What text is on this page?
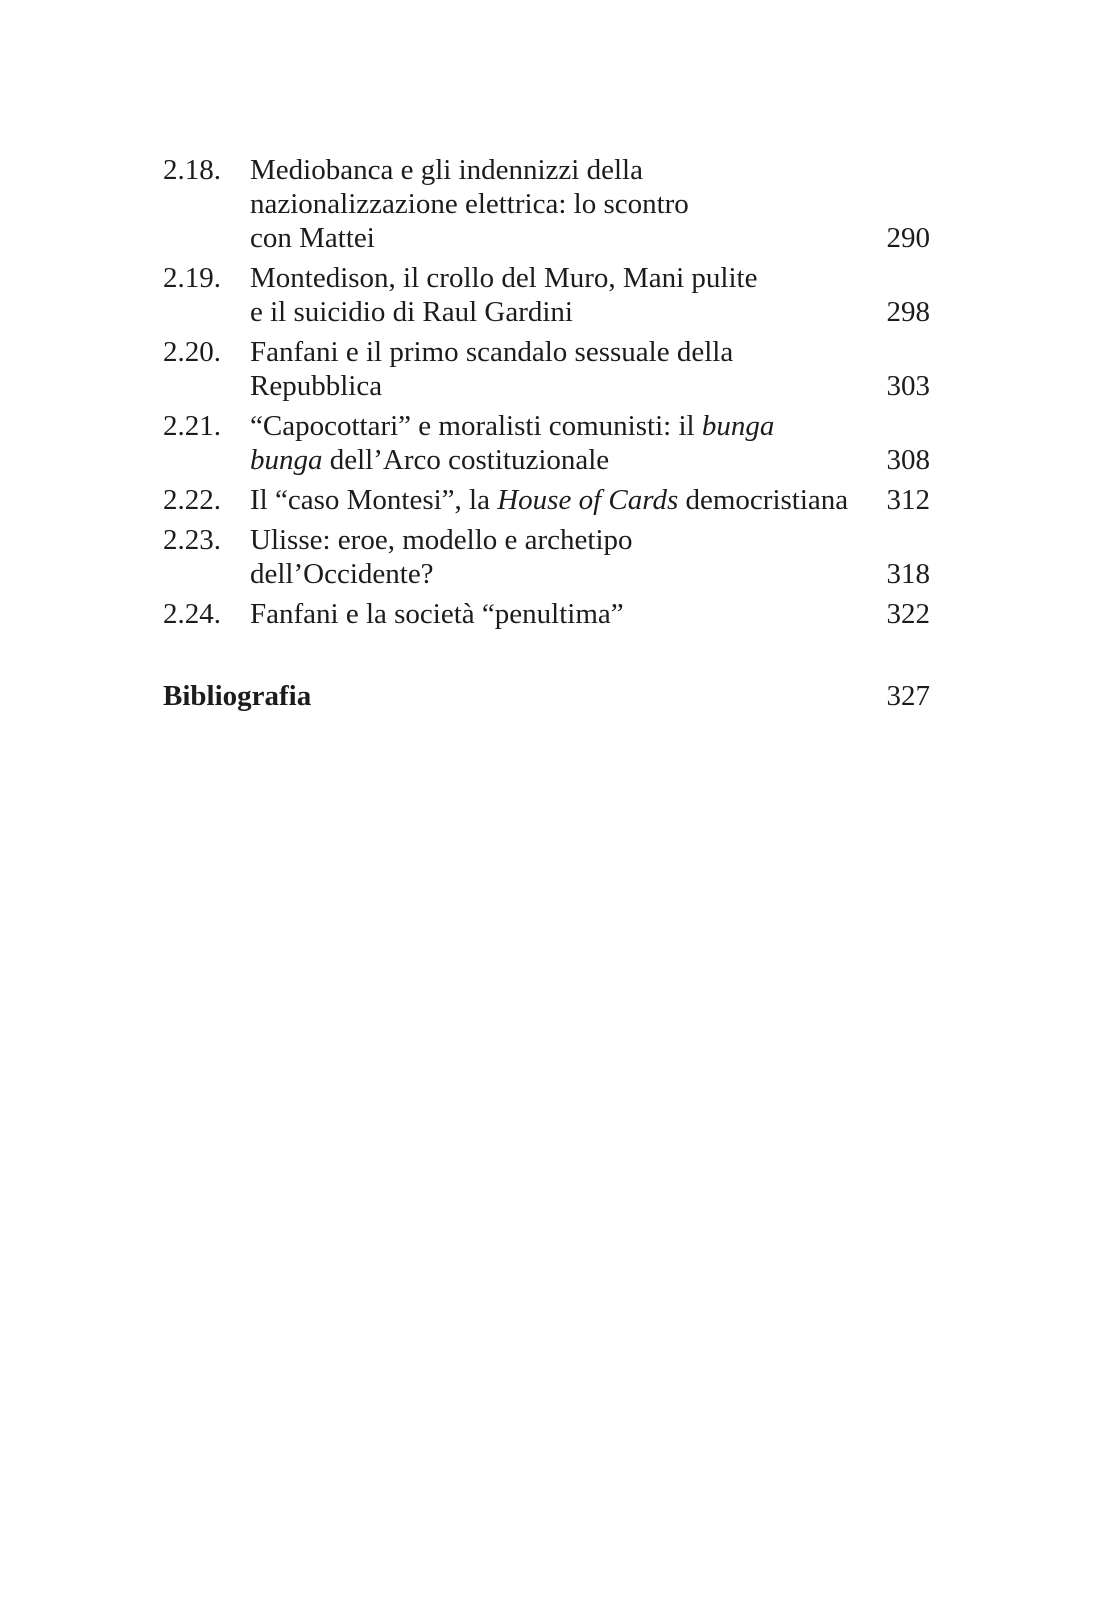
2.18.	Mediobanca e gli indennizzi della
nazionalizzazione elettrica: lo scontro
con Mattei	290
2.19.	Montedison, il crollo del Muro, Mani pulite
e il suicidio di Raul Gardini	298
2.20.	Fanfani e il primo scandalo sessuale della
Repubblica	303
2.21.	“Capocottari” e moralisti comunisti: il bunga
bunga dell’Arco costituzionale	308
2.22.	Il “caso Montesi”, la House of Cards democristiana	312
2.23.	Ulisse: eroe, modello e archetipo
dell’Occidente?	318
2.24.	Fanfani e la società “penultima”	322
Bibliografia	327
